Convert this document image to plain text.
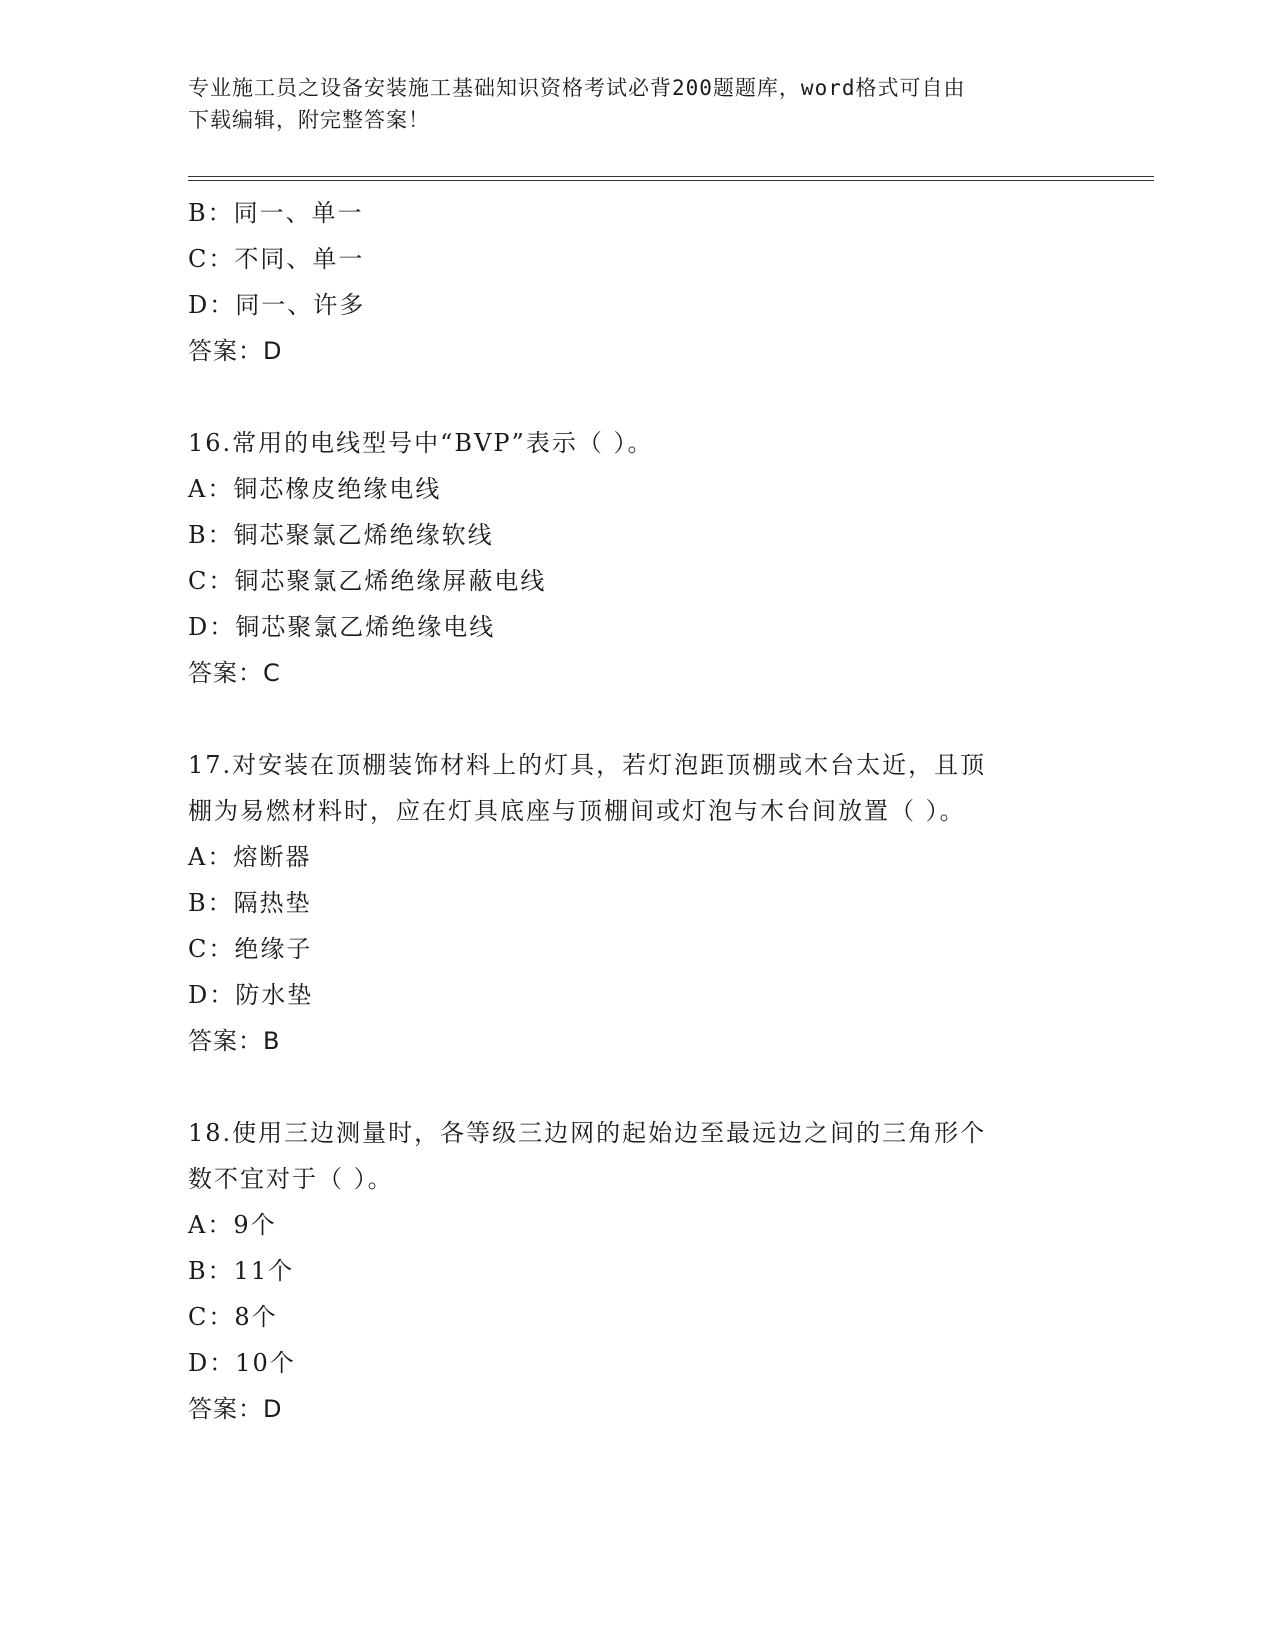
专业施工员之设备安装施工基础知识资格考试必背200题题库，word格式可自由
下载编辑，附完整答案！
B：同一、单一
C：不同、单一
D：同一、许多
答案：D
16.常用的电线型号中“BVP”表示（ ）。
A：铜芯橡皮绝缘电线
B：铜芯聚氯乙烯绝缘软线
C：铜芯聚氯乙烯绝缘屏蔽电线
D：铜芯聚氯乙烯绝缘电线
答案：C
17.对安装在顶棚装饰材料上的灯具，若灯泡距顶棚或木台太近，且顶
棚为易燃材料时，应在灯具底座与顶棚间或灯泡与木台间放置（ ）。
A：熔断器
B：隔热垫
C：绝缘子
D：防水垫
答案：B
18.使用三边测量时，各等级三边网的起始边至最远边之间的三角形个
数不宜对于（ ）。
A：9个
B：11个
C：8个
D：10个
答案：D
